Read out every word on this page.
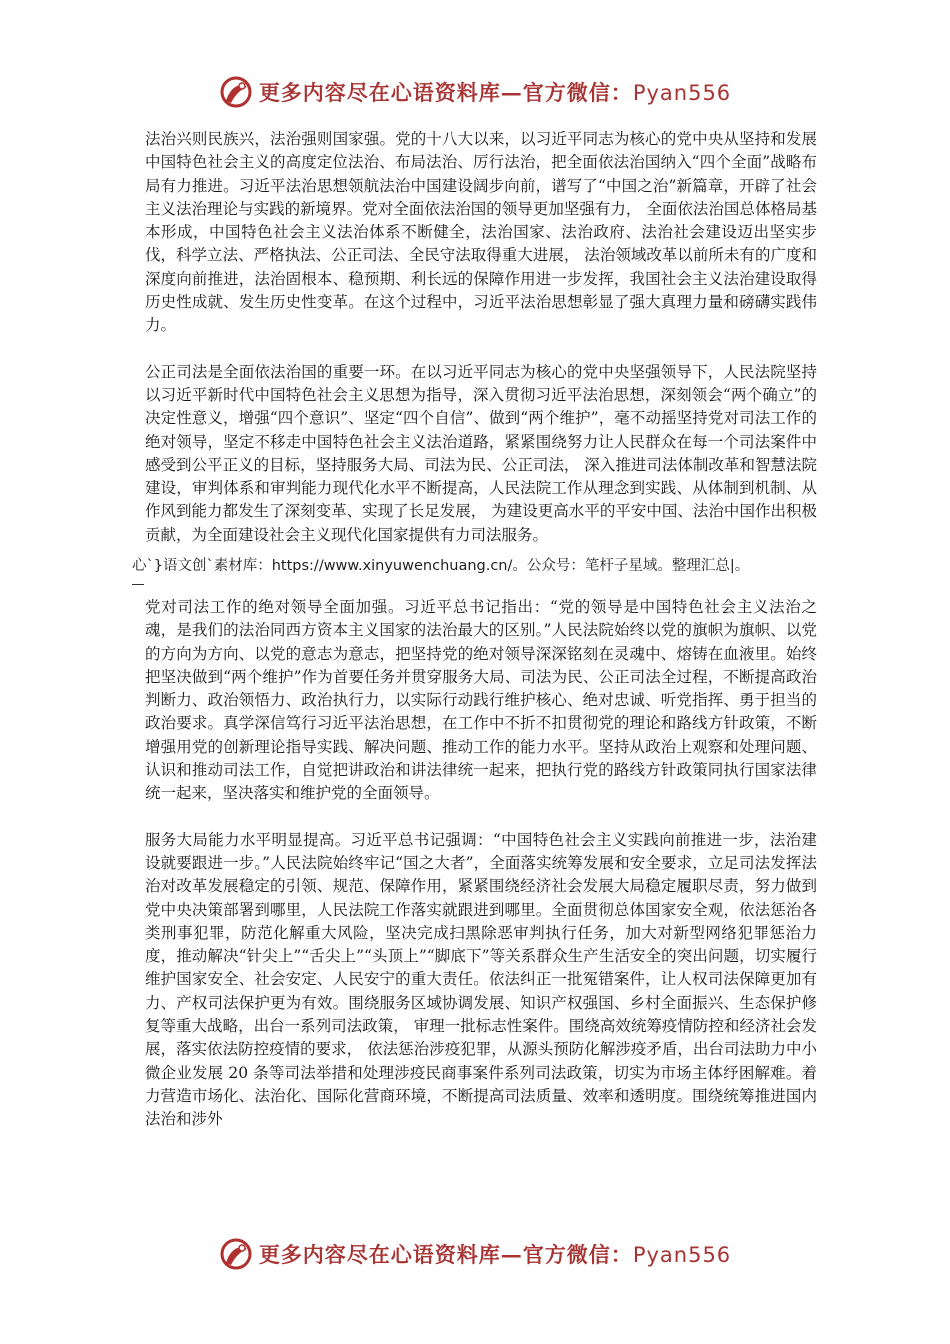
更多内容尽在心语资料库—官方微信：Pyan556

法治兴则民族兴，法治强则国家强。党的十八大以来，以习近平同志为核心的党中央从坚持和发展中国特色社会主义的高度定位法治、布局法治、厉行法治，把全面依法治国纳入“四个全面”战略布局有力推进。习近平法治思想领航法治中国建设阔步向前，谱写了“中国之治”新篇章，开辟了社会主义法治理论与实践的新境界。党对全面依法治国的领导更加坚强有力， 全面依法治国总体格局基本形成，中国特色社会主义法治体系不断健全，法治国家、法治政府、法治社会建设迈出坚实步伐，科学立法、严格执法、公正司法、全民守法取得重大进展， 法治领域改革以前所未有的广度和深度向前推进，法治固根本、稳预期、利长远的保障作用进一步发挥，我国社会主义法治建设取得历史性成就、发生历史性变革。在这个过程中，习近平法治思想彰显了强大真理力量和磅礴实践伟力。

公正司法是全面依法治国的重要一环。在以习近平同志为核心的党中央坚强领导下，人民法院坚持以习近平新时代中国特色社会主义思想为指导，深入贯彻习近平法治思想，深刻领会“两个确立”的决定性意义，增强“四个意识”、坚定“四个自信”、做到“两个维护”，毫不动摇坚持党对司法工作的绝对领导，坚定不移走中国特色社会主义法治道路，紧紧围绕努力让人民群众在每一个司法案件中感受到公平正义的目标，坚持服务大局、司法为民、公正司法， 深入推进司法体制改革和智慧法院建设，审判体系和审判能力现代化水平不断提高，人民法院工作从理念到实践、从体制到机制、从作风到能力都发生了深刻变革、实现了长足发展， 为建设更高水平的平安中国、法治中国作出积极贡献，为全面建设社会主义现代化国家提供有力司法服务。

心`}语文创`素材库：https://www.xinyuwenchuang.cn/。公众号：笔杆子星域。整理汇总|。

党对司法工作的绝对领导全面加强。习近平总书记指出：“党的领导是中国特色社会主义法治之魂，是我们的法治同西方资本主义国家的法治最大的区别。”人民法院始终以党的旗帜为旗帜、以党的方向为方向、以党的意志为意志，把坚持党的绝对领导深深铭刻在灵魂中、熔铸在血液里。始终把坚决做到“两个维护”作为首要任务并贯穿服务大局、司法为民、公正司法全过程，不断提高政治判断力、政治领悟力、政治执行力，以实际行动践行维护核心、绝对忠诚、听党指挥、勇于担当的政治要求。真学深信笃行习近平法治思想，在工作中不折不扣贯彻党的理论和路线方针政策，不断增强用党的创新理论指导实践、解决问题、推动工作的能力水平。坚持从政治上观察和处理问题、认识和推动司法工作，自觉把讲政治和讲法律统一起来，把执行党的路线方针政策同执行国家法律统一起来，坚决落实和维护党的全面领导。

服务大局能力水平明显提高。习近平总书记强调：“中国特色社会主义实践向前推进一步，法治建设就要跟进一步。”人民法院始终牢记“国之大者”，全面落实统筹发展和安全要求，立足司法发挥法治对改革发展稳定的引领、规范、保障作用，紧紧围绕经济社会发展大局稳定履职尽责，努力做到党中央决策部署到哪里，人民法院工作落实就跟进到哪里。全面贯彻总体国家安全观，依法惩治各类刑事犯罪，防范化解重大风险，坚决完成扫黑除恶审判执行任务，加大对新型网络犯罪惩治力度，推动解决“针尖上”“舌尖上”“头顶上”“脚底下”等关系群众生产生活安全的突出问题，切实履行维护国家安全、社会安定、人民安宁的重大责任。依法纠正一批冤错案件，让人权司法保障更加有力、产权司法保护更为有效。围绕服务区域协调发展、知识产权强国、乡村全面振兴、生态保护修复等重大战略，出台一系列司法政策， 审理一批标志性案件。围绕高效统筹疫情防控和经济社会发展，落实依法防控疫情的要求， 依法惩治涉疫犯罪，从源头预防化解涉疫矛盾，出台司法助力中小微企业发展 20 条等司法举措和处理涉疫民商事案件系列司法政策，切实为市场主体纾困解难。着力营造市场化、法治化、国际化营商环境，不断提高司法质量、效率和透明度。围绕统筹推进国内法治和涉外

更多内容尽在心语资料库—官方微信：Pyan556
